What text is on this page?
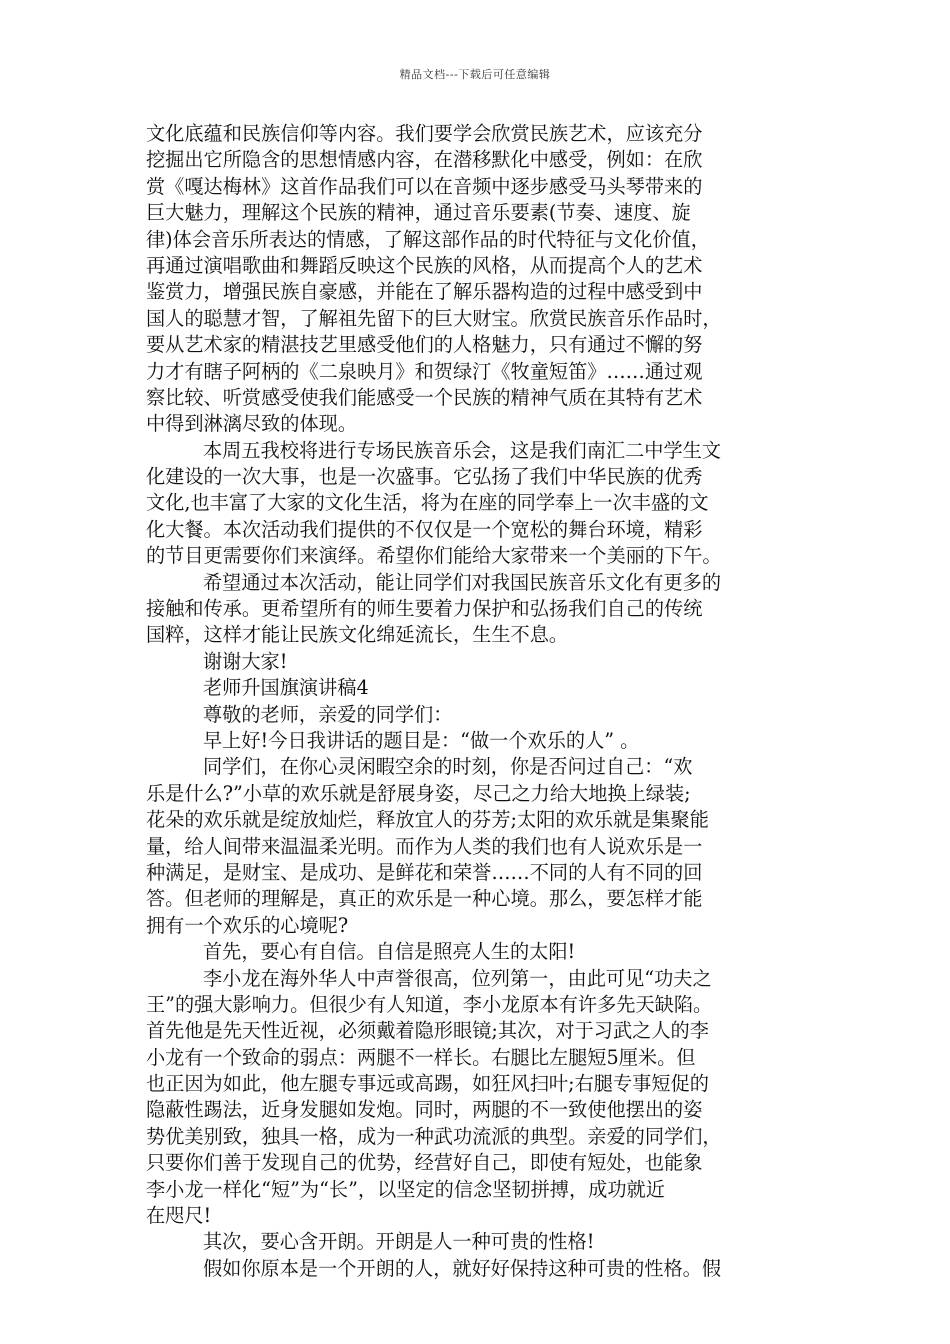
精品文档---下载后可任意编辑
文化底蕴和民族信仰等内容。我们要学会欣赏民族艺术，应该充分
挖掘出它所隐含的思想情感内容，在潜移默化中感受，例如：在欣
赏《嘎达梅林》这首作品我们可以在音频中逐步感受马头琴带来的
巨大魅力，理解这个民族的精神，通过音乐要素(节奏、速度、旋
律)体会音乐所表达的情感，了解这部作品的时代特征与文化价值，
再通过演唱歌曲和舞蹈反映这个民族的风格，从而提高个人的艺术
鉴赏力，增强民族自豪感，并能在了解乐器构造的过程中感受到中
国人的聪慧才智，了解祖先留下的巨大财宝。欣赏民族音乐作品时，
要从艺术家的精湛技艺里感受他们的人格魅力，只有通过不懈的努
力才有瞎子阿柄的《二泉映月》和贺绿汀《牧童短笛》……通过观
察比较、听赏感受使我们能感受一个民族的精神气质在其特有艺术
中得到淋漓尽致的体现。
本周五我校将进行专场民族音乐会，这是我们南汇二中学生文
化建设的一次大事，也是一次盛事。它弘扬了我们中华民族的优秀
文化,也丰富了大家的文化生活，将为在座的同学奉上一次丰盛的文
化大餐。本次活动我们提供的不仅仅是一个宽松的舞台环境，精彩
的节目更需要你们来演绎。希望你们能给大家带来一个美丽的下午。
希望通过本次活动，能让同学们对我国民族音乐文化有更多的
接触和传承。更希望所有的师生要着力保护和弘扬我们自己的传统
国粹，这样才能让民族文化绵延流长，生生不息。
谢谢大家!
老师升国旗演讲稿4
尊敬的老师，亲爱的同学们：
早上好!今日我讲话的题目是：“做一个欢乐的人” 。
同学们，在你心灵闲暇空余的时刻，你是否问过自己：“欢
乐是什么?”小草的欢乐就是舒展身姿，尽己之力给大地换上绿装;
花朵的欢乐就是绽放灿烂，释放宜人的芬芳;太阳的欢乐就是集聚能
量，给人间带来温温柔光明。而作为人类的我们也有人说欢乐是一
种满足，是财宝、是成功、是鲜花和荣誉……不同的人有不同的回
答。但老师的理解是，真正的欢乐是一种心境。那么，要怎样才能
拥有一个欢乐的心境呢?
首先，要心有自信。自信是照亮人生的太阳!
李小龙在海外华人中声誉很高，位列第一，由此可见“功夫之
王”的强大影响力。但很少有人知道，李小龙原本有许多先天缺陷。
首先他是先天性近视，必须戴着隐形眼镜;其次，对于习武之人的李
小龙有一个致命的弱点：两腿不一样长。右腿比左腿短5厘米。但
也正因为如此，他左腿专事远或高踢，如狂风扫叶;右腿专事短促的
隐蔽性踢法，近身发腿如发炮。同时，两腿的不一致使他摆出的姿
势优美别致，独具一格，成为一种武功流派的典型。亲爱的同学们，
只要你们善于发现自己的优势，经营好自己，即使有短处，也能象
李小龙一样化“短”为“长”，以坚定的信念坚韧拼搏，成功就近
在咫尺!
其次，要心含开朗。开朗是人一种可贵的性格!
假如你原本是一个开朗的人，就好好保持这种可贵的性格。假
